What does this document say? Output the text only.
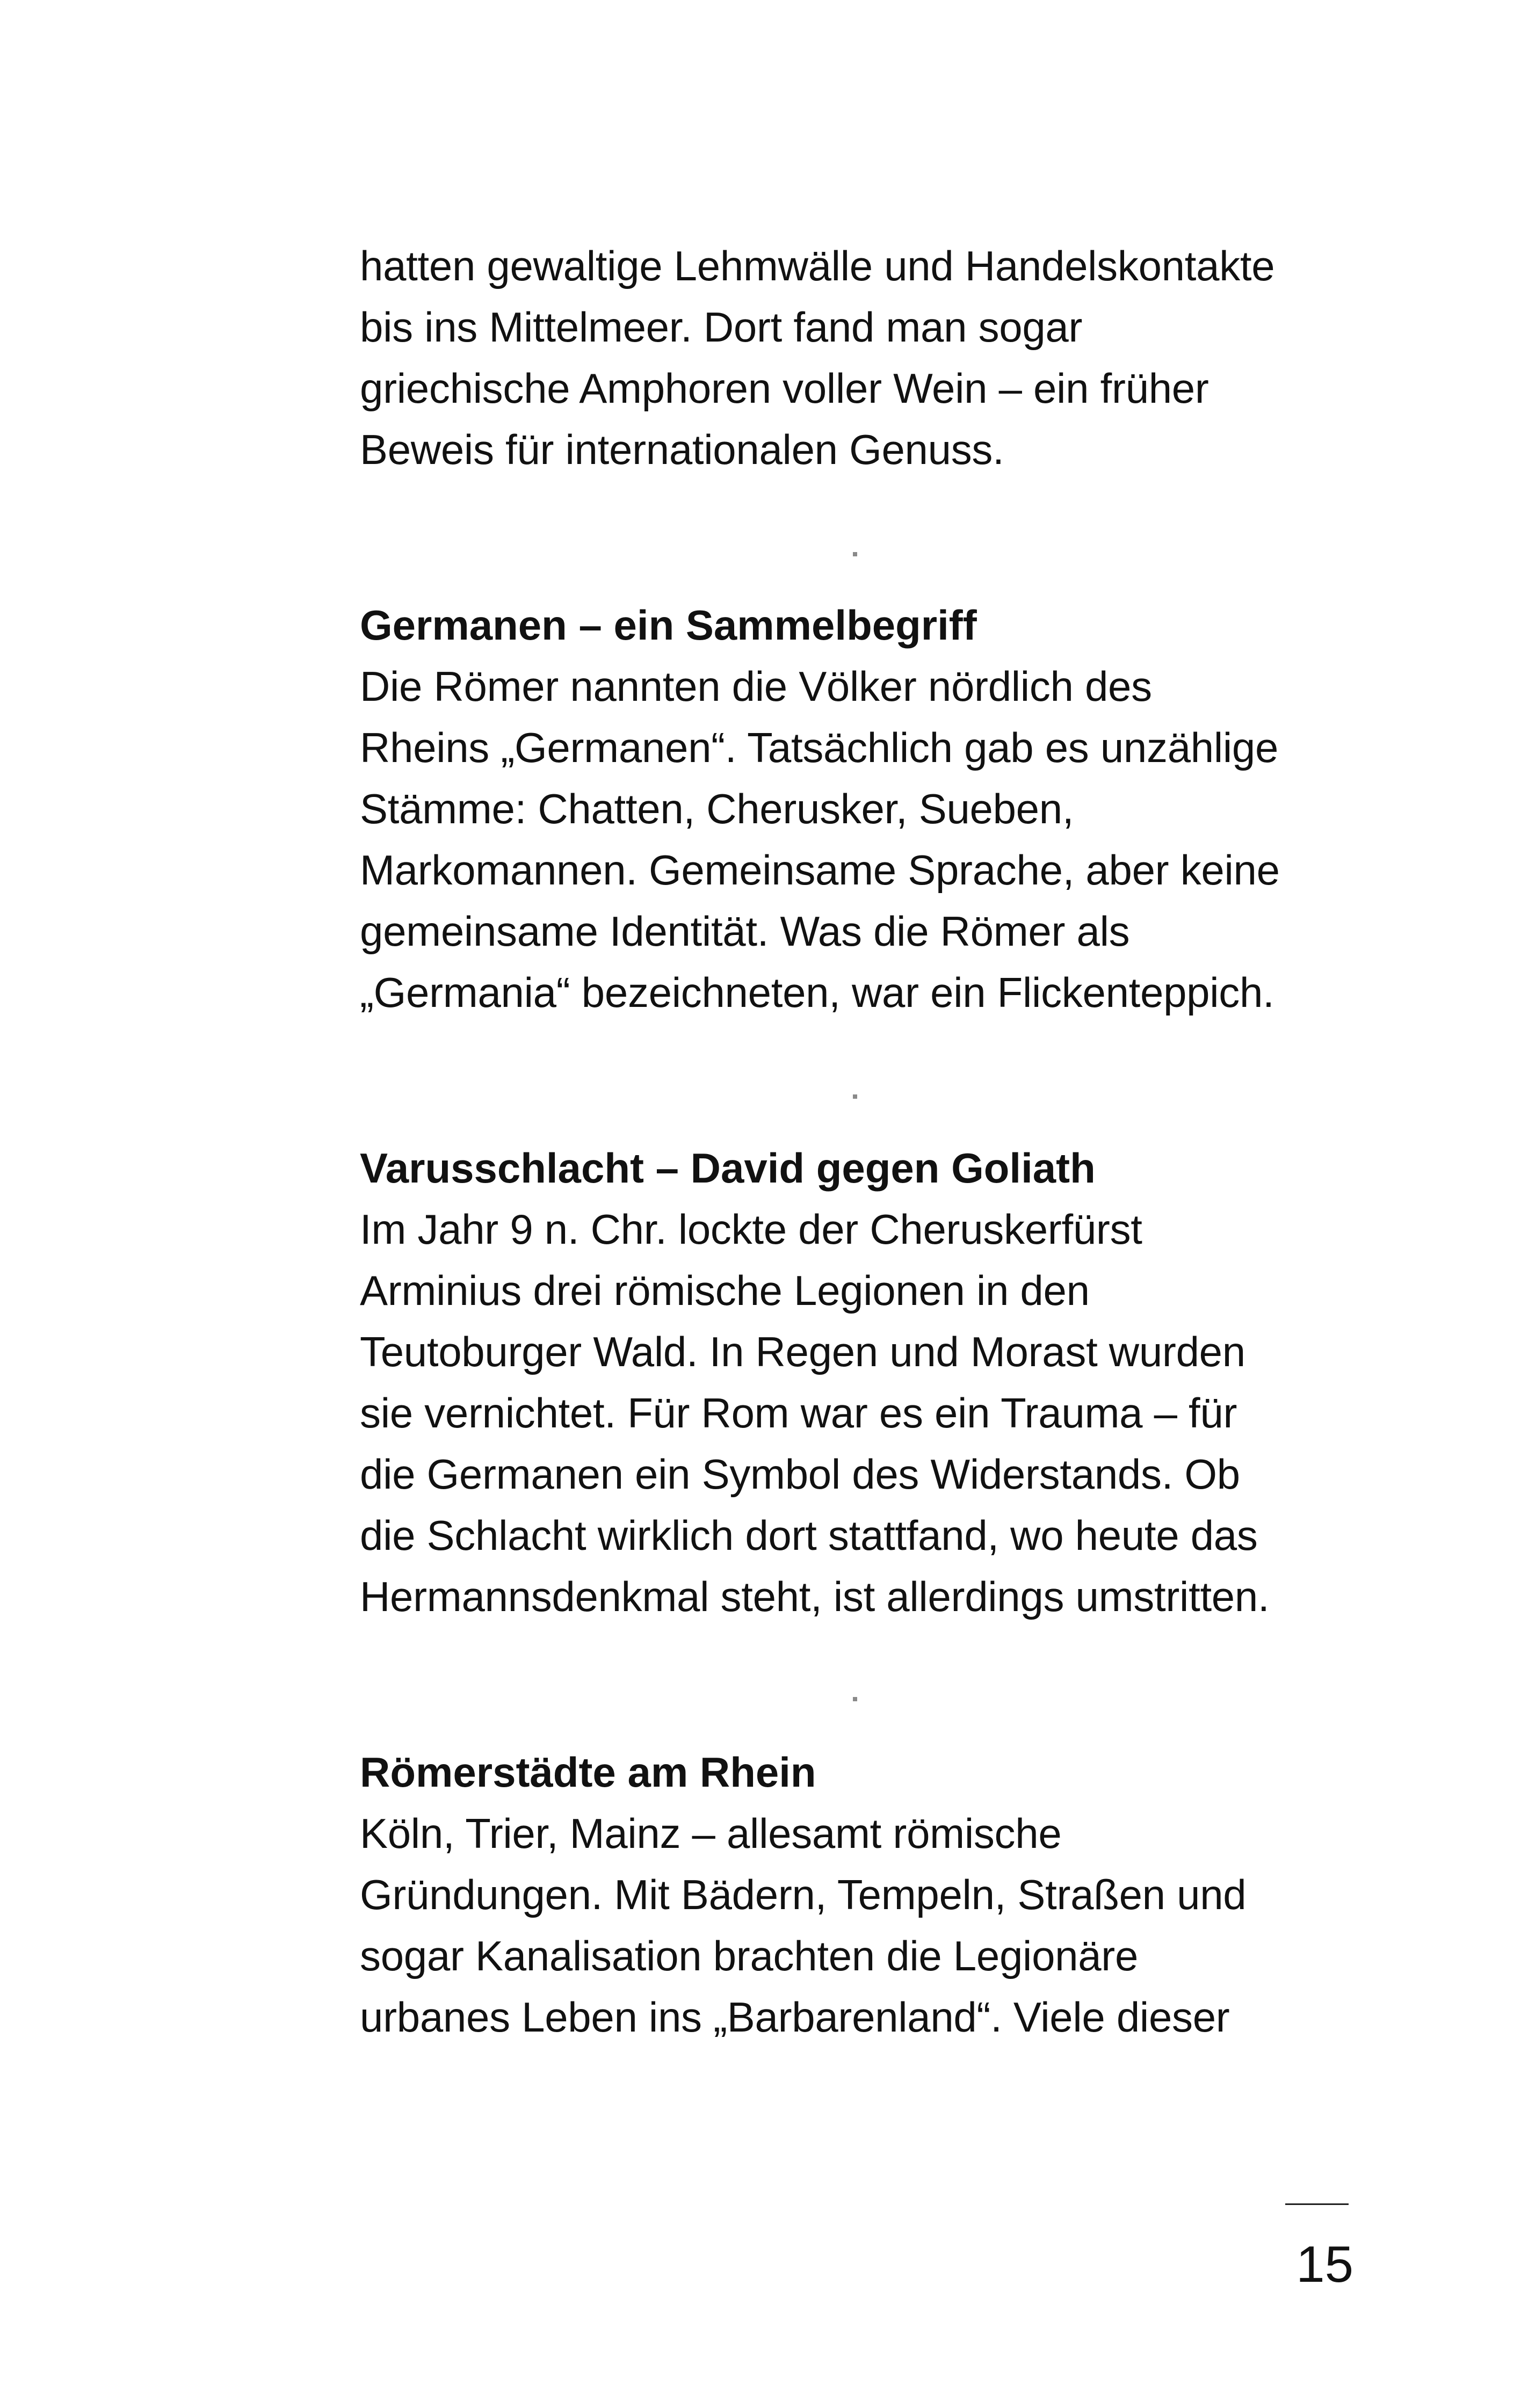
hatten gewaltige Lehmwälle und Handelskontakte
bis ins Mittelmeer. Dort fand man sogar
griechische Amphoren voller Wein – ein früher
Beweis für internationalen Genuss.
Germanen – ein Sammelbegriff
Die Römer nannten die Völker nördlich des
Rheins „Germanen“. Tatsächlich gab es unzählige
Stämme: Chatten, Cherusker, Sueben,
Markomannen. Gemeinsame Sprache, aber keine
gemeinsame Identität. Was die Römer als
„Germania“ bezeichneten, war ein Flickenteppich.
Varusschlacht – David gegen Goliath
Im Jahr 9 n. Chr. lockte der Cheruskerfürst
Arminius drei römische Legionen in den
Teutoburger Wald. In Regen und Morast wurden
sie vernichtet. Für Rom war es ein Trauma – für
die Germanen ein Symbol des Widerstands. Ob
die Schlacht wirklich dort stattfand, wo heute das
Hermannsdenkmal steht, ist allerdings umstritten.
Römerstädte am Rhein
Köln, Trier, Mainz – allesamt römische
Gründungen. Mit Bädern, Tempeln, Straßen und
sogar Kanalisation brachten die Legionäre
urbanes Leben ins „Barbarenland“. Viele dieser
15
